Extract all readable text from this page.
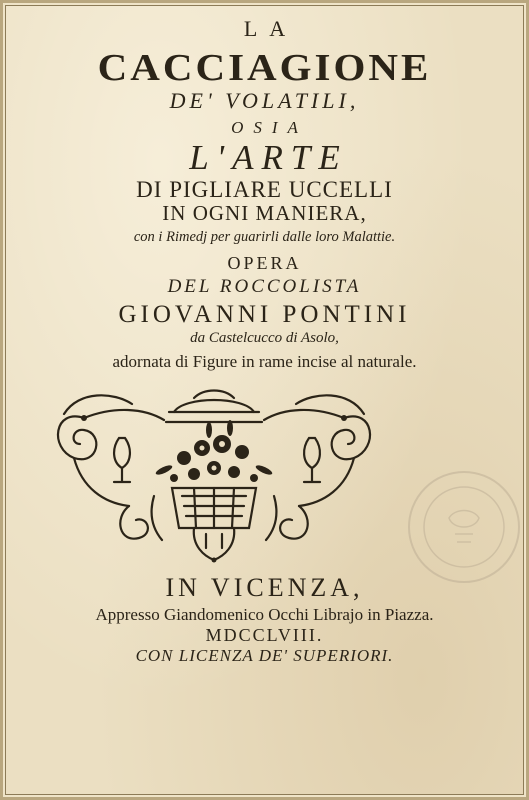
LA
CACCIAGIONE
DE' VOLATILI,
OSIA
L'ARTE
DI PIGLIARE UCCELLI
IN OGNI MANIERA,
con i Rimedj per guarirli dalle loro Malattie.
OPERA
DEL ROCCOLISTA
GIOVANNI PONTINI
da Castelcucco di Asolo,
adornata di Figure in rame incise al naturale.
IN VICENZA,
Appresso Giandomenico Occhi Librajo in Piazza.
MDCCLVIII.
CON LICENZA DE' SUPERIORI.
